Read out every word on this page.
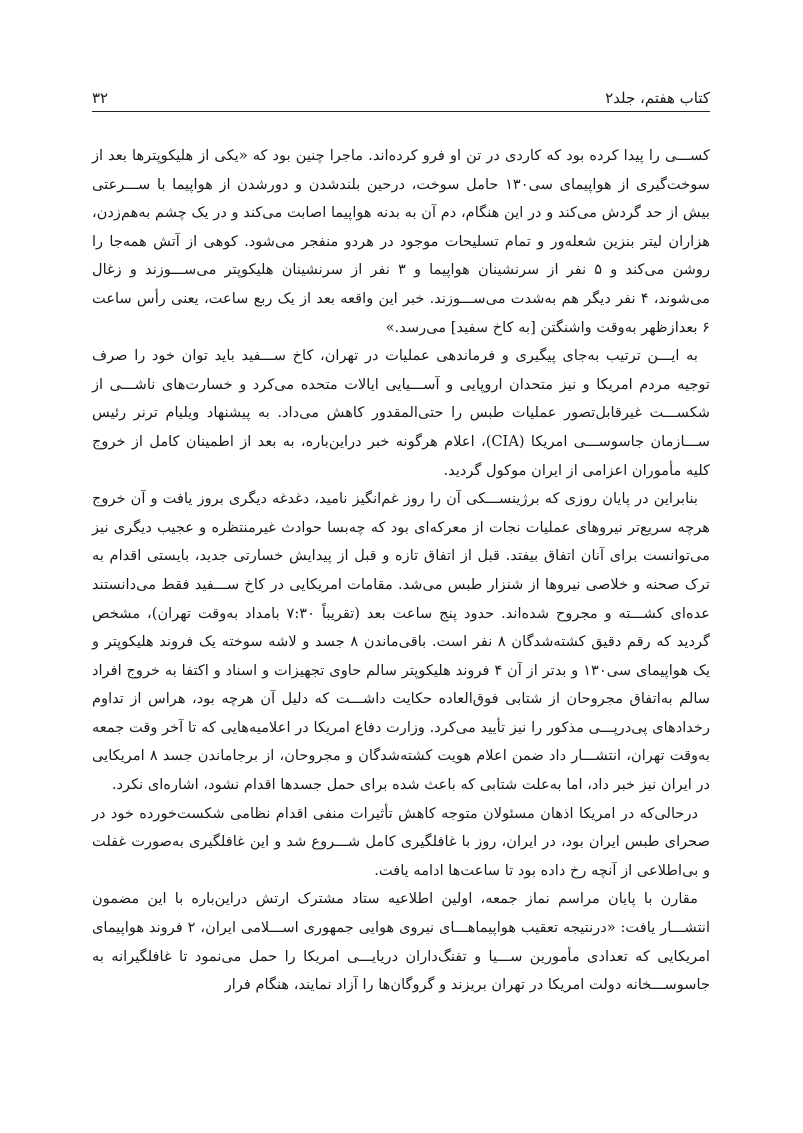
کتاب هفتم، جلد۲
۳۲

کســـی را پیدا کرده بود که کاردی در تن او فرو کرده‌اند. ماجرا چنین بود که «یکی از هلیکوپترها بعد از سوخت‌گیری از هواپیمای سی۱۳۰ حامل سوخت، درحین بلندشدن و دورشدن از هواپیما با ســـرعتی بیش از حد گردش می‌کند و در این هنگام، دم آن به بدنه هواپیما اصابت می‌کند و در یک چشم به‌هم‌زدن، هزاران لیتر بنزین شعله‌ور و تمام تسلیحات موجود در هردو منفجر می‌شود. کوهی از آتش همه‌جا را روشن می‌کند و ۵ نفر از سرنشینان هواپیما و ۳ نفر از سرنشینان هلیکوپتر می‌ســـوزند و زغال می‌شوند، ۴ نفر دیگر هم به‌شدت می‌ســـوزند. خبر این واقعه بعد از یک ربع ساعت، یعنی رأس ساعت ۶ بعدازظهر به‌وقت واشنگتن [به کاخ سفید] می‌رسد.»

به ایـــن ترتیب به‌جای پیگیری و فرماندهی عملیات در تهران، کاخ ســـفید باید توان خود را صرف توجیه مردم امریکا و نیز متحدان اروپایی و آســـیایی ایالات متحده می‌کرد و خسارت‌های ناشـــی از شکســـت غیرقابل‌تصور عملیات طبس را حتی‌المقدور کاهش می‌داد. به پیشنهاد ویلیام ترنر رئیس ســـازمان جاسوســـی امریکا (CIA)، اعلام هرگونه خبر دراین‌باره، به بعد از اطمینان کامل از خروج کلیه مأموران اعزامی از ایران موکول گردید.

بنابراین در پایان روزی که برژینســـکی آن را روز غم‌انگیز نامید، دغدغه دیگری بروز یافت و آن خروج هرچه سریع‌تر نیروهای عملیات نجات از معرکه‌ای بود که چه‌بسا حوادث غیرمنتظره و عجیب دیگری نیز می‌توانست برای آنان اتفاق بیفتد. قبل از اتفاق تازه و قبل از پیدایش خسارتی جدید، بایستی اقدام به ترک صحنه و خلاصی نیروها از شنزار طبس می‌شد. مقامات امریکایی در کاخ ســـفید فقط می‌دانستند عده‌ای کشـــته و مجروح شده‌اند. حدود پنج ساعت بعد (تقریباً ۷:۳۰ بامداد به‌وقت تهران)، مشخص گردید که رقم دقیق کشته‌شدگان ۸ نفر است. باقی‌ماندن ۸ جسد و لاشه سوخته یک فروند هلیکوپتر و یک هواپیمای سی۱۳۰ و بدتر از آن ۴ فروند هلیکوپتر سالم حاوی تجهیزات و اسناد و اکتفا به خروج افراد سالم به‌اتفاق مجروحان از شتابی فوق‌العاده حکایت داشـــت که دلیل آن هرچه بود، هراس از تداوم رخدادهای پی‌درپـــی مذکور را نیز تأیید می‌کرد. وزارت دفاع امریکا در اعلامیه‌هایی که تا آخر وقت جمعه به‌وقت تهران، انتشـــار داد ضمن اعلام هویت کشته‌شدگان و مجروحان، از برجاماندن جسد ۸ امریکایی در ایران نیز خبر داد، اما به‌علت شتابی که باعث شده برای حمل جسدها اقدام نشود، اشاره‌ای نکرد.

درحالی‌که در امریکا اذهان مسئولان متوجه کاهش تأثیرات منفی اقدام نظامی شکست‌خورده خود در صحرای طبس ایران بود، در ایران، روز با غافلگیری کامل شـــروع شد و این غافلگیری به‌صورت غفلت و بی‌اطلاعی از آنچه رخ داده بود تا ساعت‌ها ادامه یافت.

مقارن با پایان مراسم نماز جمعه، اولین اطلاعیه ستاد مشترک ارتش دراین‌باره با این مضمون انتشـــار یافت: «درنتیجه تعقیب هواپیماهـــای نیروی هوایی جمهوری اســـلامی ایران، ۲ فروند هواپیمای امریکایی که تعدادی مأمورین ســـیا و تفنگ‌داران دریایـــی امریکا را حمل می‌نمود تا غافلگیرانه به جاسوســـخانه دولت امریکا در تهران بریزند و گروگان‌ها را آزاد نمایند، هنگام فرار
